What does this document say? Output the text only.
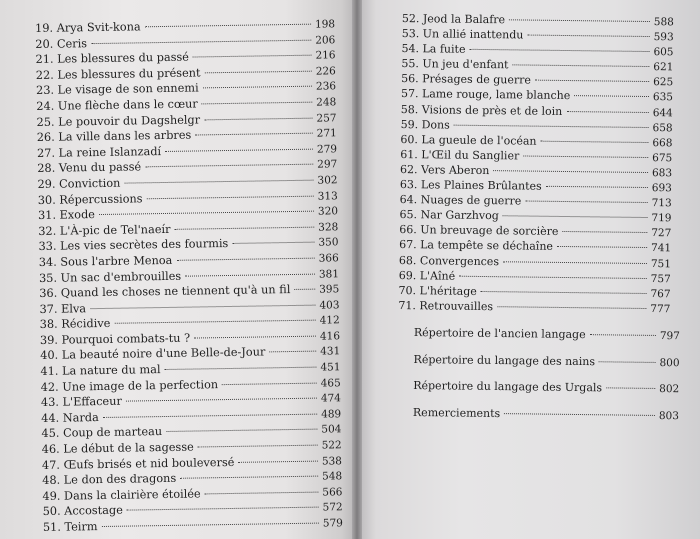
19. Arya Svit-kona	198
20. Ceris	206
21. Les blessures du passé	216
22. Les blessures du présent	226
23. Le visage de son ennemi	236
24. Une flèche dans le cœur	248
25. Le pouvoir du Dagshelgr	257
26. La ville dans les arbres	271
27. La reine Islanzadí	279
28. Venu du passé	297
29. Conviction	302
30. Répercussions	313
31. Exode	320
32. L'À-pic de Tel'naeír	328
33. Les vies secrètes des fourmis	350
34. Sous l'arbre Menoa	366
35. Un sac d'embrouilles	381
36. Quand les choses ne tiennent qu'à un fil	395
37. Elva	403
38. Récidive	412
39. Pourquoi combats-tu ?	416
40. La beauté noire d'une Belle-de-Jour	431
41. La nature du mal	451
42. Une image de la perfection	465
43. L'Effaceur	474
44. Narda	489
45. Coup de marteau	504
46. Le début de la sagesse	522
47. Œufs brisés et nid bouleversé	538
48. Le don des dragons	548
49. Dans la clairière étoilée	566
50. Accostage	572
51. Teirm	579
52. Jeod la Balafre	588
53. Un allié inattendu	593
54. La fuite	605
55. Un jeu d'enfant	621
56. Présages de guerre	625
57. Lame rouge, lame blanche	635
58. Visions de près et de loin	644
59. Dons	658
60. La gueule de l'océan	668
61. L'Œil du Sanglier	675
62. Vers Aberon	683
63. Les Plaines Brûlantes	693
64. Nuages de guerre	713
65. Nar Garzhvog	719
66. Un breuvage de sorcière	727
67. La tempête se déchaîne	741
68. Convergences	751
69. L'Aîné	757
70. L'héritage	767
71. Retrouvailles	777
Répertoire de l'ancien langage	797
Répertoire du langage des nains	800
Répertoire du langage des Urgals	802
Remerciements	803
